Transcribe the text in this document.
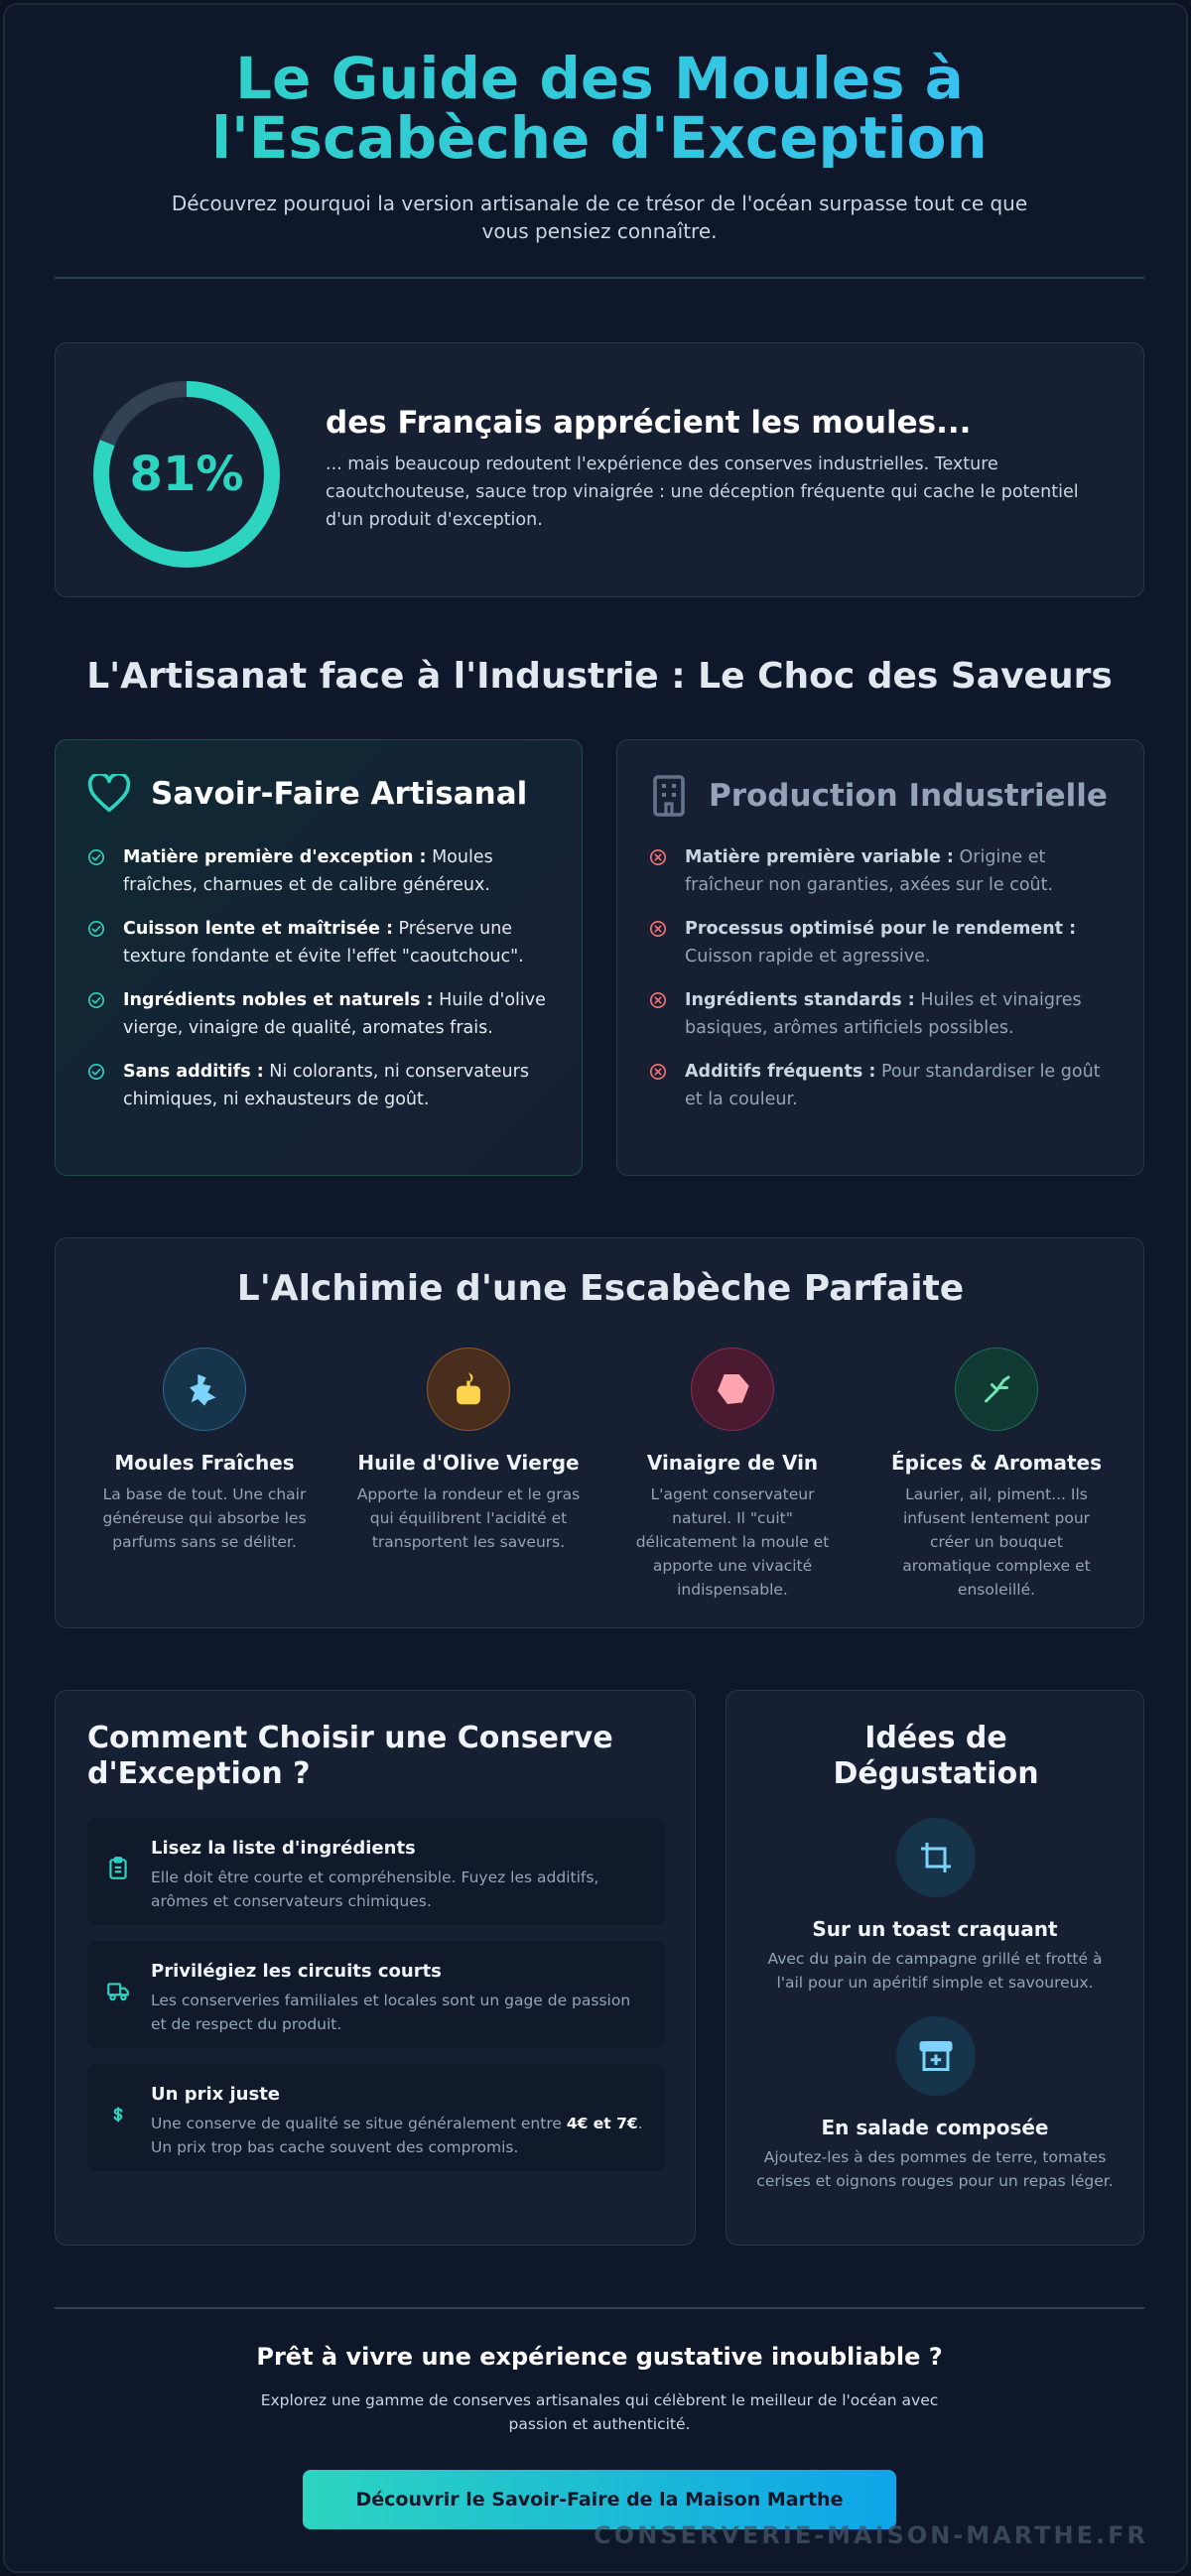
Le Guide des Moules à
l'Escabèche d'Exception

Découvrez pourquoi la version artisanale de ce trésor de l'océan surpasse tout ce que vous pensiez connaître.

81%
des Français apprécient les moules...
... mais beaucoup redoutent l'expérience des conserves industrielles. Texture caoutchouteuse, sauce trop vinaigrée : une déception fréquente qui cache le potentiel d'un produit d'exception.
L'Artisanat face à l'Industrie : Le Choc des Saveurs
Savoir-Faire Artisanal
Matière première d'exception : Moules fraîches, charnues et de calibre généreux.
Cuisson lente et maîtrisée : Préserve une texture fondante et évite l'effet "caoutchouc".
Ingrédients nobles et naturels : Huile d'olive vierge, vinaigre de qualité, aromates frais.
Sans additifs : Ni colorants, ni conservateurs chimiques, ni exhausteurs de goût.
Production Industrielle
Matière première variable : Origine et fraîcheur non garanties, axées sur le coût.
Processus optimisé pour le rendement : Cuisson rapide et agressive.
Ingrédients standards : Huiles et vinaigres basiques, arômes artificiels possibles.
Additifs fréquents : Pour standardiser le goût et la couleur.
L'Alchimie d'une Escabèche Parfaite
Moules Fraîches
La base de tout. Une chair généreuse qui absorbe les parfums sans se déliter.
Huile d'Olive Vierge
Apporte la rondeur et le gras qui équilibrent l'acidité et transportent les saveurs.
Vinaigre de Vin
L'agent conservateur naturel. Il "cuit" délicatement la moule et apporte une vivacité indispensable.
Épices & Aromates
Laurier, ail, piment... Ils infusent lentement pour créer un bouquet aromatique complexe et ensoleillé.
Comment Choisir une Conserve
d'Exception ?
Lisez la liste d'ingrédients
Elle doit être courte et compréhensible. Fuyez les additifs, arômes et conservateurs chimiques.
Privilégiez les circuits courts
Les conserveries familiales et locales sont un gage de passion et de respect du produit.
Un prix juste
Une conserve de qualité se situe généralement entre 4€ et 7€. Un prix trop bas cache souvent des compromis.
Idées de
Dégustation
Sur un toast craquant
Avec du pain de campagne grillé et frotté à l'ail pour un apéritif simple et savoureux.
En salade composée
Ajoutez-les à des pommes de terre, tomates cerises et oignons rouges pour un repas léger.
Prêt à vivre une expérience gustative inoubliable ?
Explorez une gamme de conserves artisanales qui célèbrent le meilleur de l'océan avec passion et authenticité.
Découvrir le Savoir-Faire de la Maison Marthe
CONSERVERIE-MAISON-MARTHE.FR
